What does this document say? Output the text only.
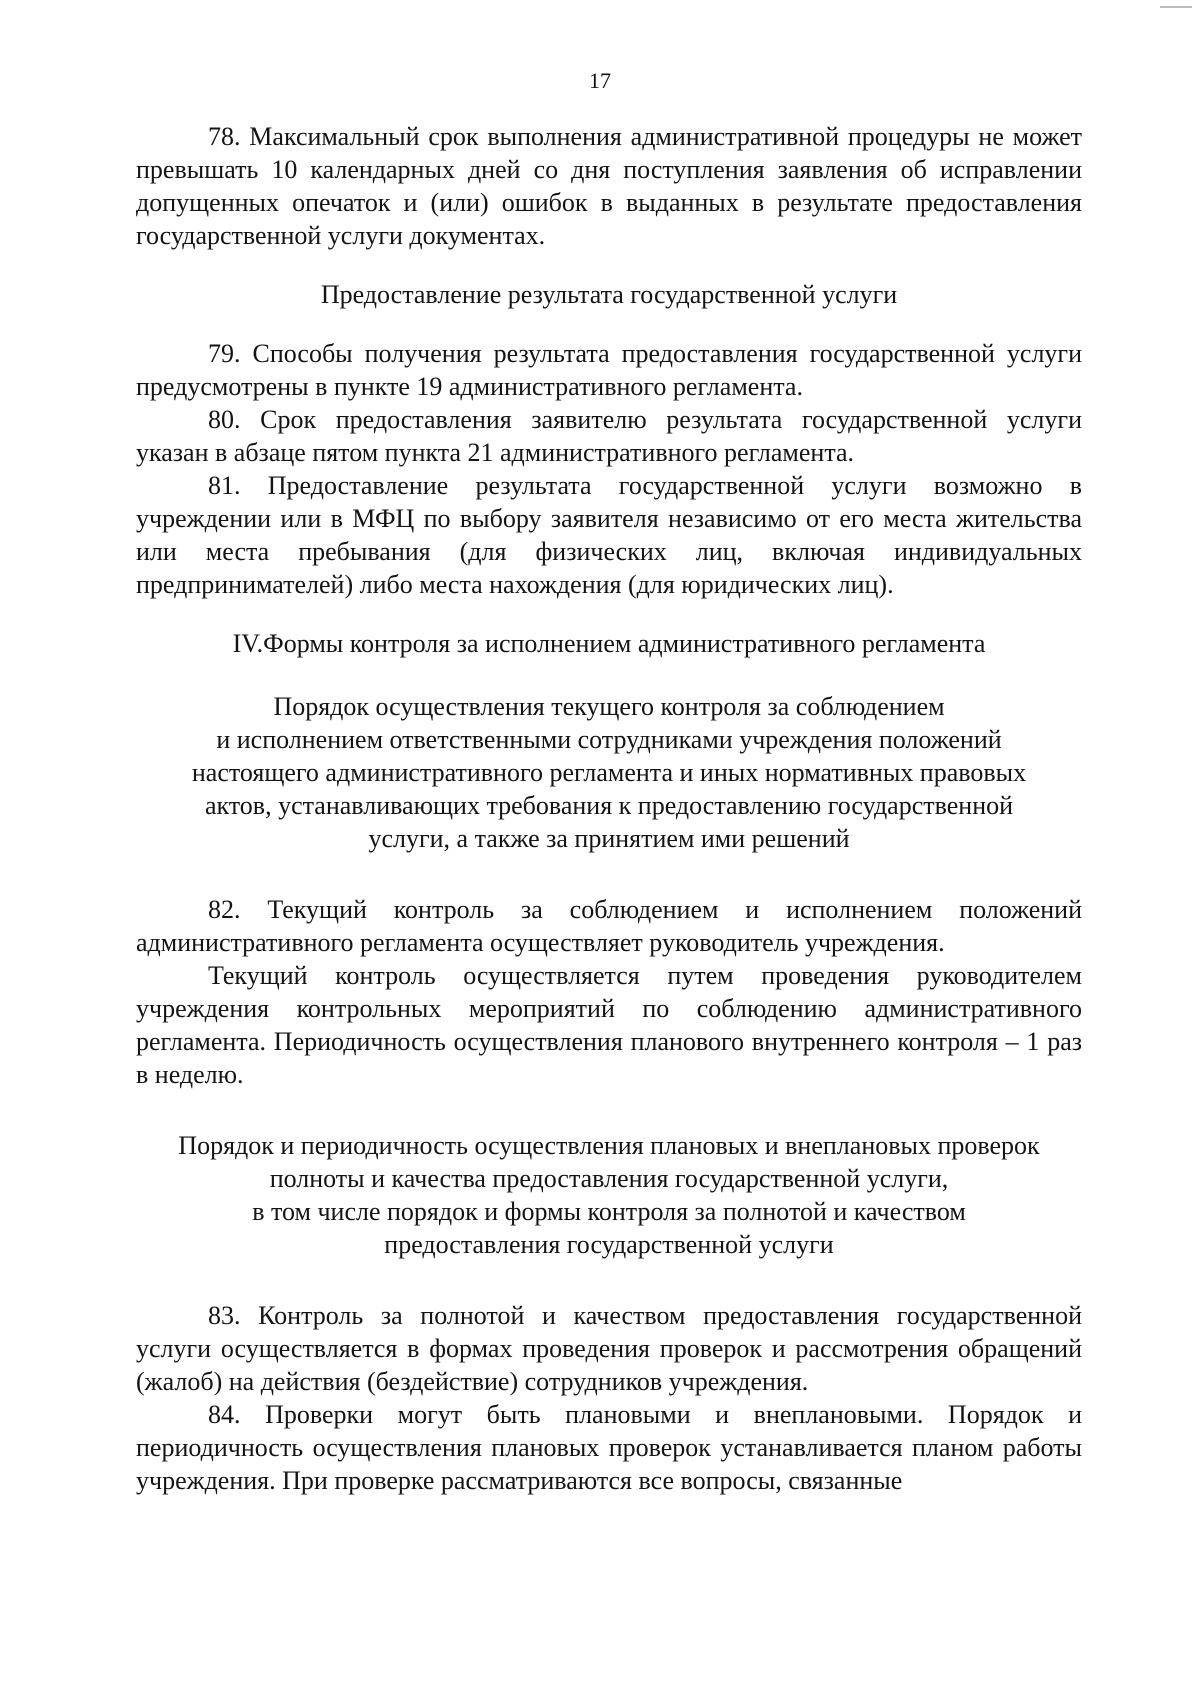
17

78. Максимальный срок выполнения административной процедуры не может превышать 10 календарных дней со дня поступления заявления об исправлении допущенных опечаток и (или) ошибок в выданных в результате предоставления государственной услуги документах.

Предоставление результата государственной услуги

79. Способы получения результата предоставления государственной услуги предусмотрены в пункте 19 административного регламента.

80. Срок предоставления заявителю результата государственной услуги указан в абзаце пятом пункта 21 административного регламента.

81. Предоставление результата государственной услуги возможно в учреждении или в МФЦ по выбору заявителя независимо от его места жительства или места пребывания (для физических лиц, включая индивидуальных предпринимателей) либо места нахождения (для юридических лиц).

IV.Формы контроля за исполнением административного регламента

Порядок осуществления текущего контроля за соблюдением
и исполнением ответственными сотрудниками учреждения положений
настоящего административного регламента и иных нормативных правовых
актов, устанавливающих требования к предоставлению государственной
услуги, а также за принятием ими решений

82. Текущий контроль за соблюдением и исполнением положений административного регламента осуществляет руководитель учреждения.

Текущий контроль осуществляется путем проведения руководителем учреждения контрольных мероприятий по соблюдению административного регламента. Периодичность осуществления планового внутреннего контроля – 1 раз в неделю.

Порядок и периодичность осуществления плановых и внеплановых проверок
полноты и качества предоставления государственной услуги,
в том числе порядок и формы контроля за полнотой и качеством
предоставления государственной услуги

83. Контроль за полнотой и качеством предоставления государственной услуги осуществляется в формах проведения проверок и рассмотрения обращений (жалоб) на действия (бездействие) сотрудников учреждения.

84. Проверки могут быть плановыми и внеплановыми. Порядок и периодичность осуществления плановых проверок устанавливается планом работы учреждения. При проверке рассматриваются все вопросы, связанные
